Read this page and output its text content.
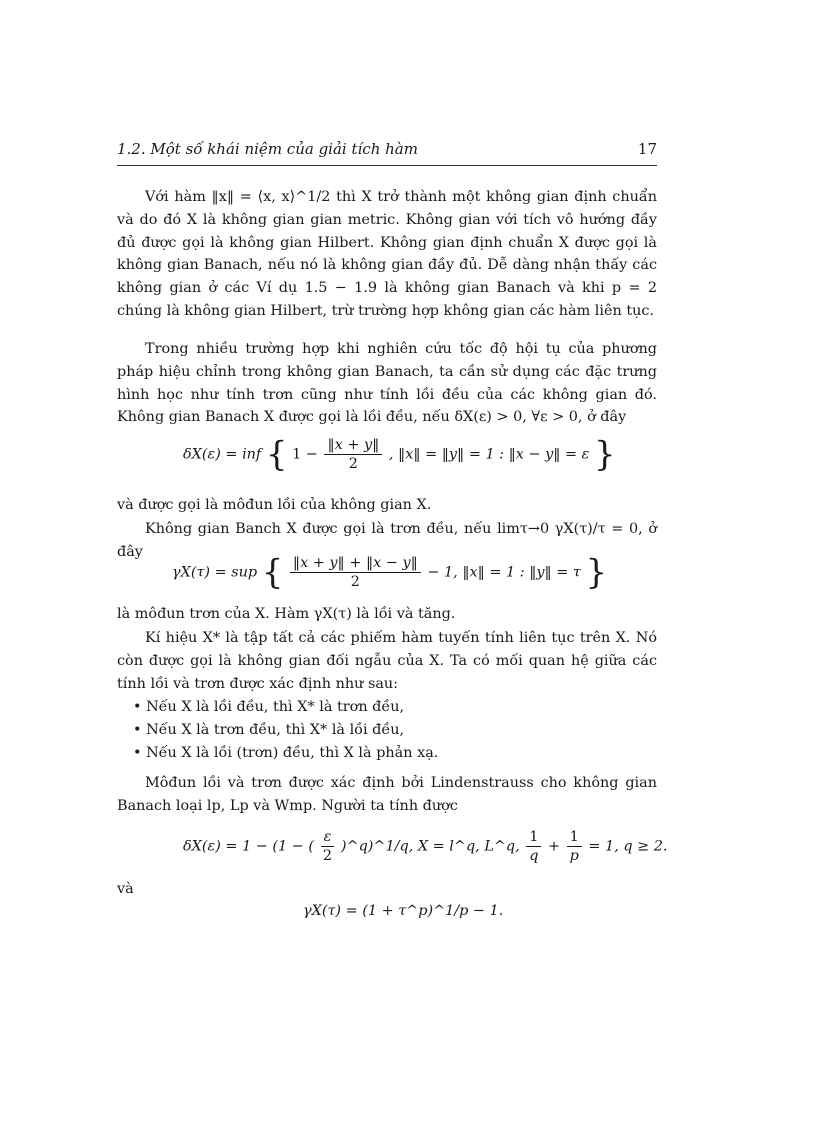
1.2. Một số khái niệm của giải tích hàm	17

Với hàm ‖x‖ = ⟨x, x⟩^1/2 thì X trở thành một không gian định chuẩn và do đó X là không gian gian metric. Không gian với tích vô hướng đầy đủ được gọi là không gian Hilbert. Không gian định chuẩn X được gọi là không gian Banach, nếu nó là không gian đầy đủ. Dễ dàng nhận thấy các không gian ở các Ví dụ 1.5 − 1.9 là không gian Banach và khi p = 2 chúng là không gian Hilbert, trừ trường hợp không gian các hàm liên tục.

Trong nhiều trường hợp khi nghiên cứu tốc độ hội tụ của phương pháp hiệu chỉnh trong không gian Banach, ta cần sử dụng các đặc trưng hình học như tính trơn cũng như tính lồi đều của các không gian đó. Không gian Banach X được gọi là lồi đều, nếu δX(ε) > 0, ∀ε > 0, ở đây

δX(ε) = inf { $1 - \frac{‖x + y‖}{2}$ , ‖x‖ = ‖y‖ = 1 : ‖x − y‖ = ε }

và được gọi là môđun lồi của không gian X.

Không gian Banch X được gọi là trơn đều, nếu limτ→0 γX(τ)/τ = 0, ở đây

γX(τ) = sup { $\frac{‖x + y‖ + ‖x - y‖}{2} - 1$, ‖x‖ = 1 : ‖y‖ = τ }

là môđun trơn của X. Hàm γX(τ) là lồi và tăng.

Kí hiệu X* là tập tất cả các phiếm hàm tuyến tính liên tục trên X. Nó còn được gọi là không gian đối ngẫu của X. Ta có mối quan hệ giữa các tính lồi và trơn được xác định như sau:

• Nếu X là lồi đều, thì X* là trơn đều,

• Nếu X là trơn đều, thì X* là lồi đều,

• Nếu X là lồi (trơn) đều, thì X là phản xạ.

Môđun lồi và trơn được xác định bởi Lindenstrauss cho không gian Banach loại lp, Lp và Wmp. Người ta tính được

δX(ε) = 1 − (1 − ( $\frac{\varepsilon}{2}$ )^q)^1/q, X = l^q, L^q, $\frac{1}{q} + \frac{1}{p} = 1$, q ≥ 2.

và

γX(τ) = (1 + τ^p)^1/p − 1.
